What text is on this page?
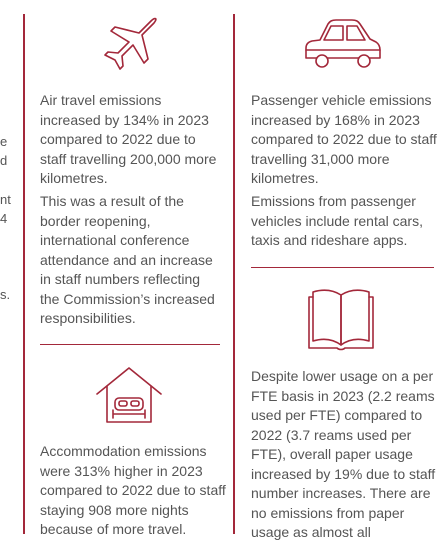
e
d
nt
4
s.

Air travel emissions increased by 134% in 2023 compared to 2022 due to staff travelling 200,000 more kilometres.

This was a result of the border reopening, international conference attendance and an increase in staff numbers reflecting the Commission’s increased responsibilities.

Passenger vehicle emissions increased by 168% in 2023 compared to 2022 due to staff travelling 31,000 more kilometres.

Emissions from passenger vehicles include rental cars, taxis and rideshare apps.

Accommodation emissions were 313% higher in 2023 compared to 2022 due to staff staying 908 more nights because of more travel.

Despite lower usage on a per FTE basis in 2023 (2.2 reams used per FTE) compared to 2022 (3.7 reams used per FTE), overall paper usage increased by 19% due to staff number increases. There are no emissions from paper usage as almost all
